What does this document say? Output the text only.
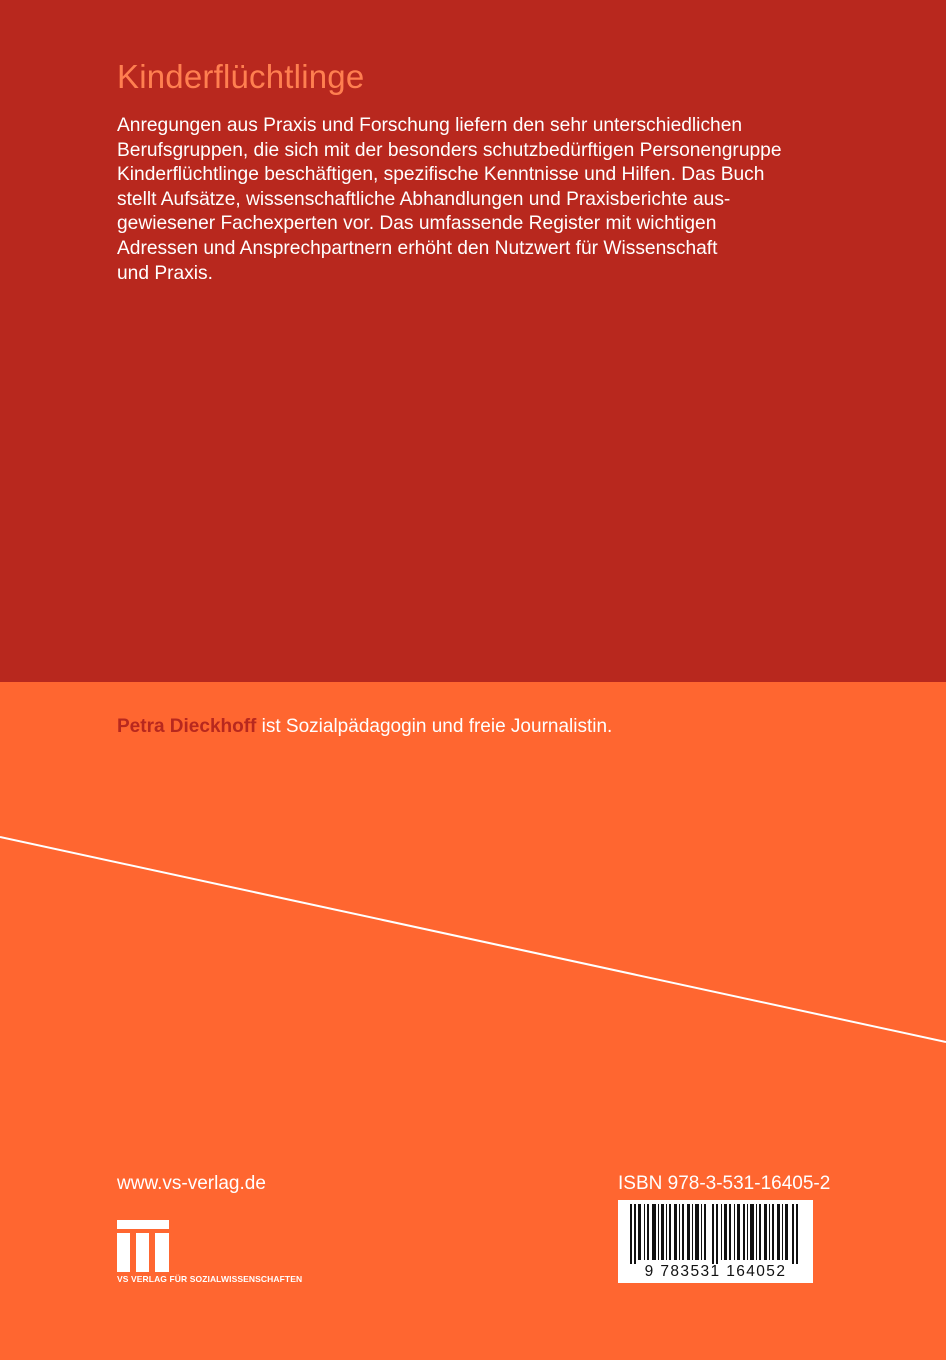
Kinderflüchtlinge
Anregungen aus Praxis und Forschung liefern den sehr unterschiedlichen
Berufsgruppen, die sich mit der besonders schutzbedürftigen Personengruppe
Kinderflüchtlinge beschäftigen, spezifische Kenntnisse und Hilfen. Das Buch
stellt Aufsätze, wissenschaftliche Abhandlungen und Praxisberichte aus-
gewiesener Fachexperten vor. Das umfassende Register mit wichtigen
Adressen und Ansprechpartnern erhöht den Nutzwert für Wissenschaft
und Praxis.
Petra Dieckhoff ist Sozialpädagogin und freie Journalistin.
www.vs-verlag.de
VS VERLAG FÜR SOZIALWISSENSCHAFTEN
ISBN 978-3-531-16405-2
9 783531 164052
